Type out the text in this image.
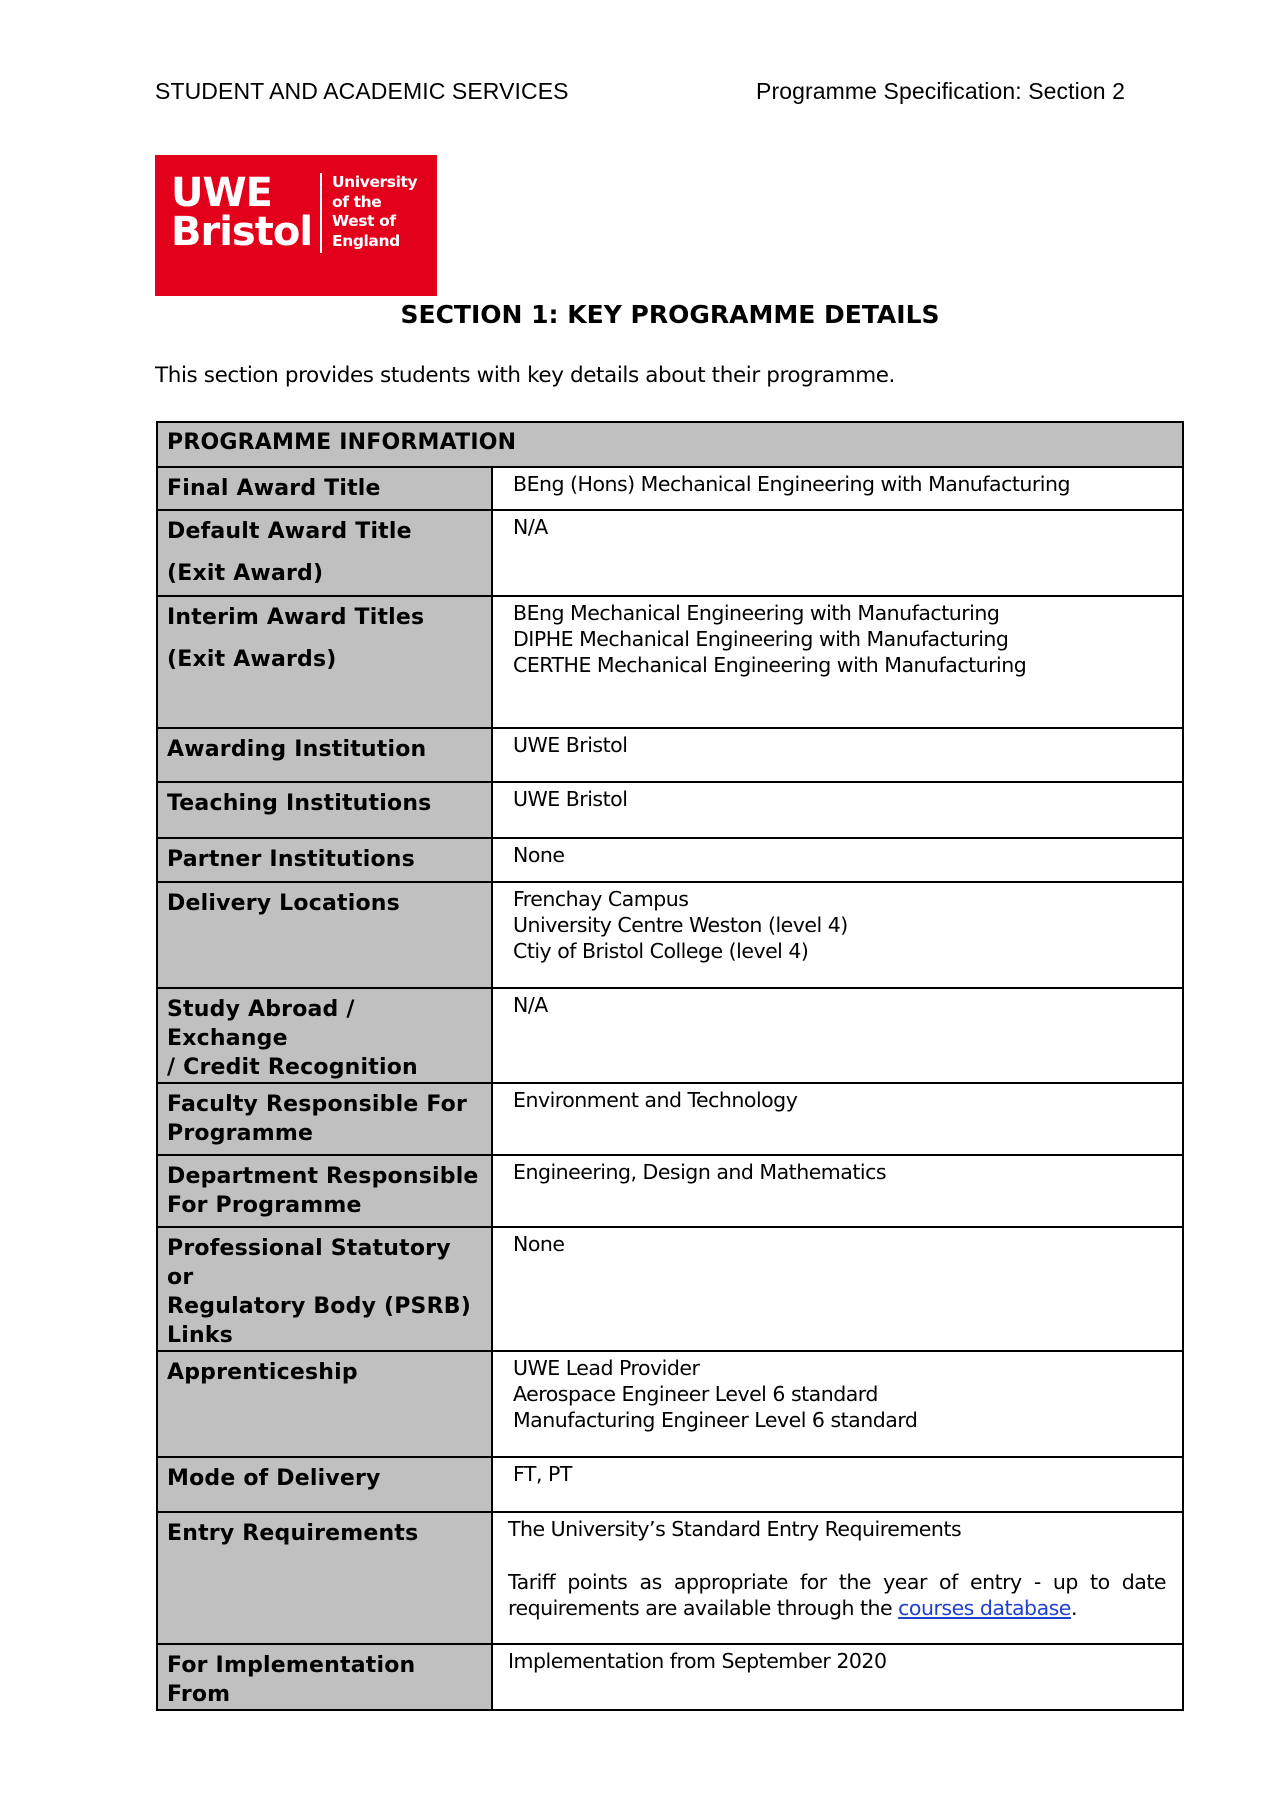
STUDENT AND ACADEMIC SERVICES	Programme Specification: Section 2
UWE
Bristol
University
of the
West of
England
SECTION 1: KEY PROGRAMME DETAILS
This section provides students with key details about their programme.
PROGRAMME INFORMATION	

Final Award Title	BEng (Hons) Mechanical Engineering with Manufacturing

Default Award Title
(Exit Award)	N/A

Interim Award Titles
(Exit Awards)	BEng Mechanical Engineering with Manufacturing
DIPHE Mechanical Engineering with Manufacturing
CERTHE Mechanical Engineering with Manufacturing

Awarding Institution	UWE Bristol

Teaching Institutions	UWE Bristol

Partner Institutions	None

Delivery Locations	Frenchay Campus
University Centre Weston (level 4)
Ctiy of Bristol College (level 4)

Study Abroad / Exchange
/ Credit Recognition	N/A

Faculty Responsible For
Programme	Environment and Technology

Department Responsible
For Programme	Engineering, Design and Mathematics

Professional Statutory or
Regulatory Body (PSRB)
Links	None

Apprenticeship	UWE Lead Provider
Aerospace Engineer Level 6 standard
Manufacturing Engineer Level 6 standard

Mode of Delivery	FT, PT

Entry Requirements	The University’s Standard Entry Requirements
Tariff points as appropriate for the year of entry - up to date requirements are available through the courses database.

For Implementation From	Implementation from September 2020
